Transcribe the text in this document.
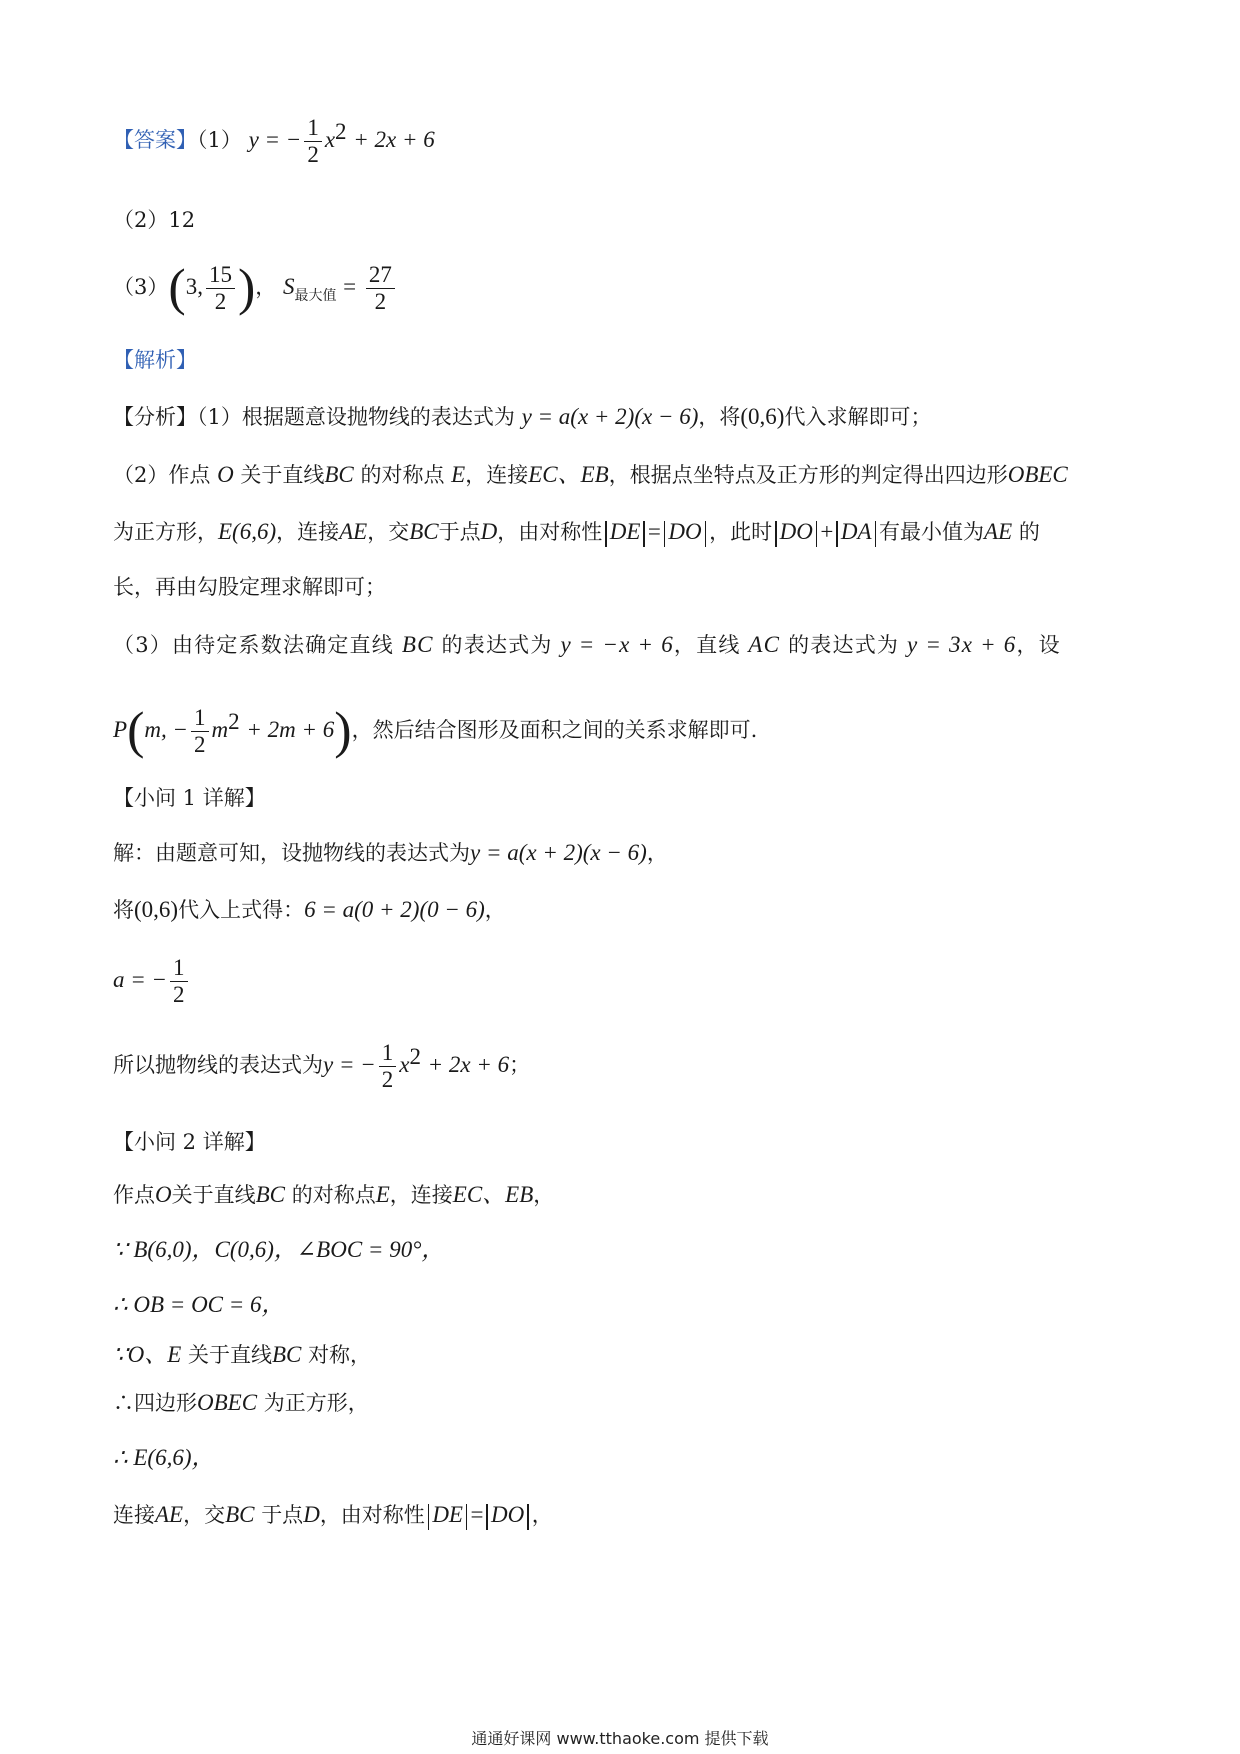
【答案】（1） y = − $\frac{1}{2} x^2 + 2x + 6$
（2）12
（3）(3, $\frac{15}{2}$ )， $S_{最大值} = \frac{27}{2}$
【解析】
【分析】（1）根据题意设抛物线的表达式为 y = a(x + 2)(x − 6)，将(0,6)代入求解即可；
（2）作点 O 关于直线BC 的对称点 E，连接EC、EB，根据点坐特点及正方形的判定得出四边形OBEC
为正方形，E(6,6)，连接AE，交BC于点D，由对称性 DE = DO ，此时 DO + DA 有最小值为AE 的
长，再由勾股定理求解即可；
（3）由待定系数法确定直线 BC 的表达式为 y = −x + 6，直线 AC 的表达式为 y = 3x + 6，设
P(m, − $\frac{1}{2} m^2 + 2m + 6$)，然后结合图形及面积之间的关系求解即可.
【小问 1 详解】
解：由题意可知，设抛物线的表达式为y = a(x + 2)(x − 6)，
将(0,6)代入上式得：6 = a(0 + 2)(0 − 6)，
a = − $\frac{1}{2}$
所以抛物线的表达式为y = − $\frac{1}{2} x^2 + 2x + 6$；
【小问 2 详解】
作点O关于直线BC 的对称点E，连接EC、EB，
∵ B(6,0)，C(0,6)，∠BOC = 90°，
∴ OB = OC = 6，
∵O、E 关于直线BC 对称，
∴四边形OBEC 为正方形，
∴ E(6,6)，
连接AE，交BC 于点D，由对称性 DE = DO ，
通通好课网 www.tthaoke.com 提供下载
